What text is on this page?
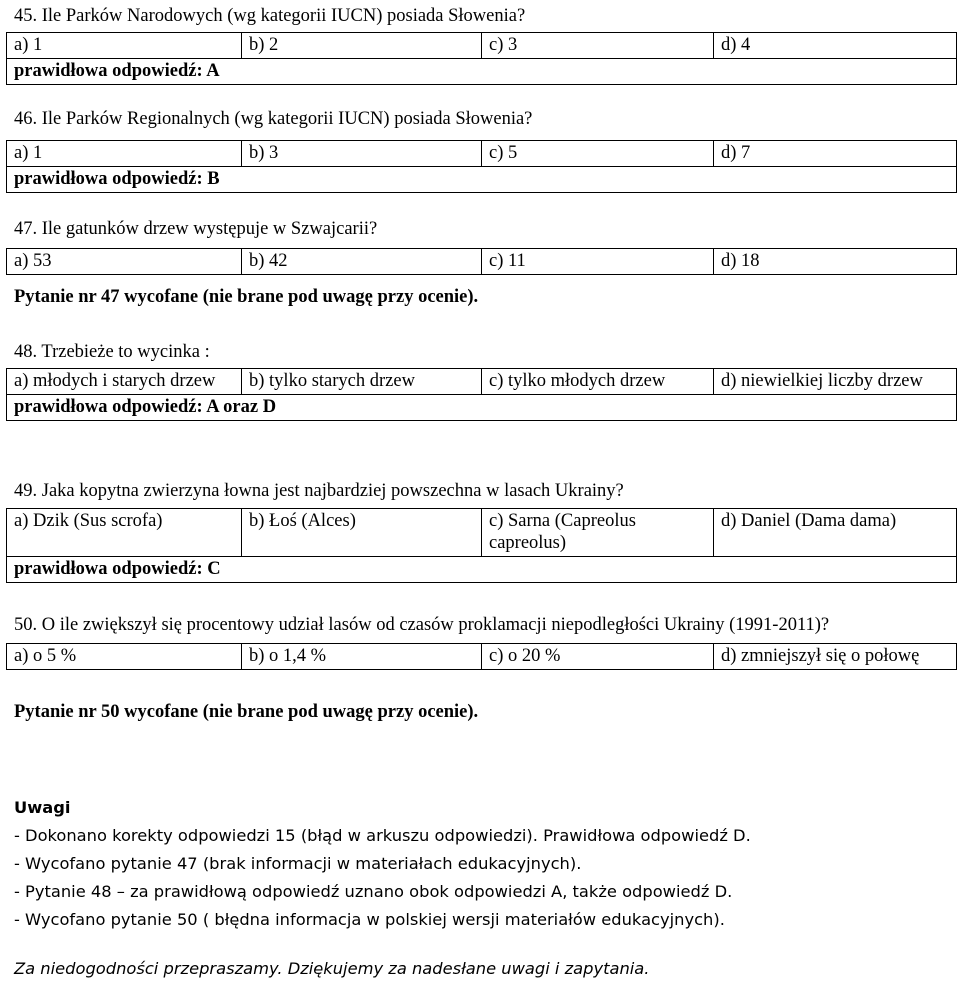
45. Ile Parków Narodowych (wg kategorii IUCN) posiada Słowenia?
a) 1	b) 2	c) 3	d) 4
prawidłowa odpowiedź: A
46. Ile Parków Regionalnych (wg kategorii IUCN) posiada Słowenia?
a) 1	b) 3	c) 5	d) 7
prawidłowa odpowiedź: B
47. Ile gatunków drzew występuje w Szwajcarii?
a) 53	b) 42	c) 11	d) 18
Pytanie nr 47 wycofane (nie brane pod uwagę przy ocenie).
48. Trzebieże to wycinka :
a) młodych i starych drzew	b) tylko starych drzew	c) tylko młodych drzew	d) niewielkiej liczby drzew
prawidłowa odpowiedź: A oraz D
49. Jaka kopytna zwierzyna łowna jest najbardziej powszechna w lasach Ukrainy?
a) Dzik (Sus scrofa)	b) Łoś (Alces)	c) Sarna (Capreolus capreolus)	d) Daniel (Dama dama)
prawidłowa odpowiedź: C
50. O ile zwiększył się procentowy udział lasów od czasów proklamacji niepodległości Ukrainy (1991-2011)?
a) o 5 %	b) o 1,4 %	c) o 20 %	d) zmniejszył się o połowę
Pytanie nr 50 wycofane (nie brane pod uwagę przy ocenie).
Uwagi
- Dokonano korekty odpowiedzi 15 (błąd w arkuszu odpowiedzi). Prawidłowa odpowiedź D.
- Wycofano pytanie 47 (brak informacji w materiałach edukacyjnych).
- Pytanie 48 – za prawidłową odpowiedź uznano obok odpowiedzi A, także odpowiedź D.
- Wycofano pytanie 50 ( błędna informacja w polskiej wersji materiałów edukacyjnych).
Za niedogodności przepraszamy. Dziękujemy za nadesłane uwagi i zapytania.
